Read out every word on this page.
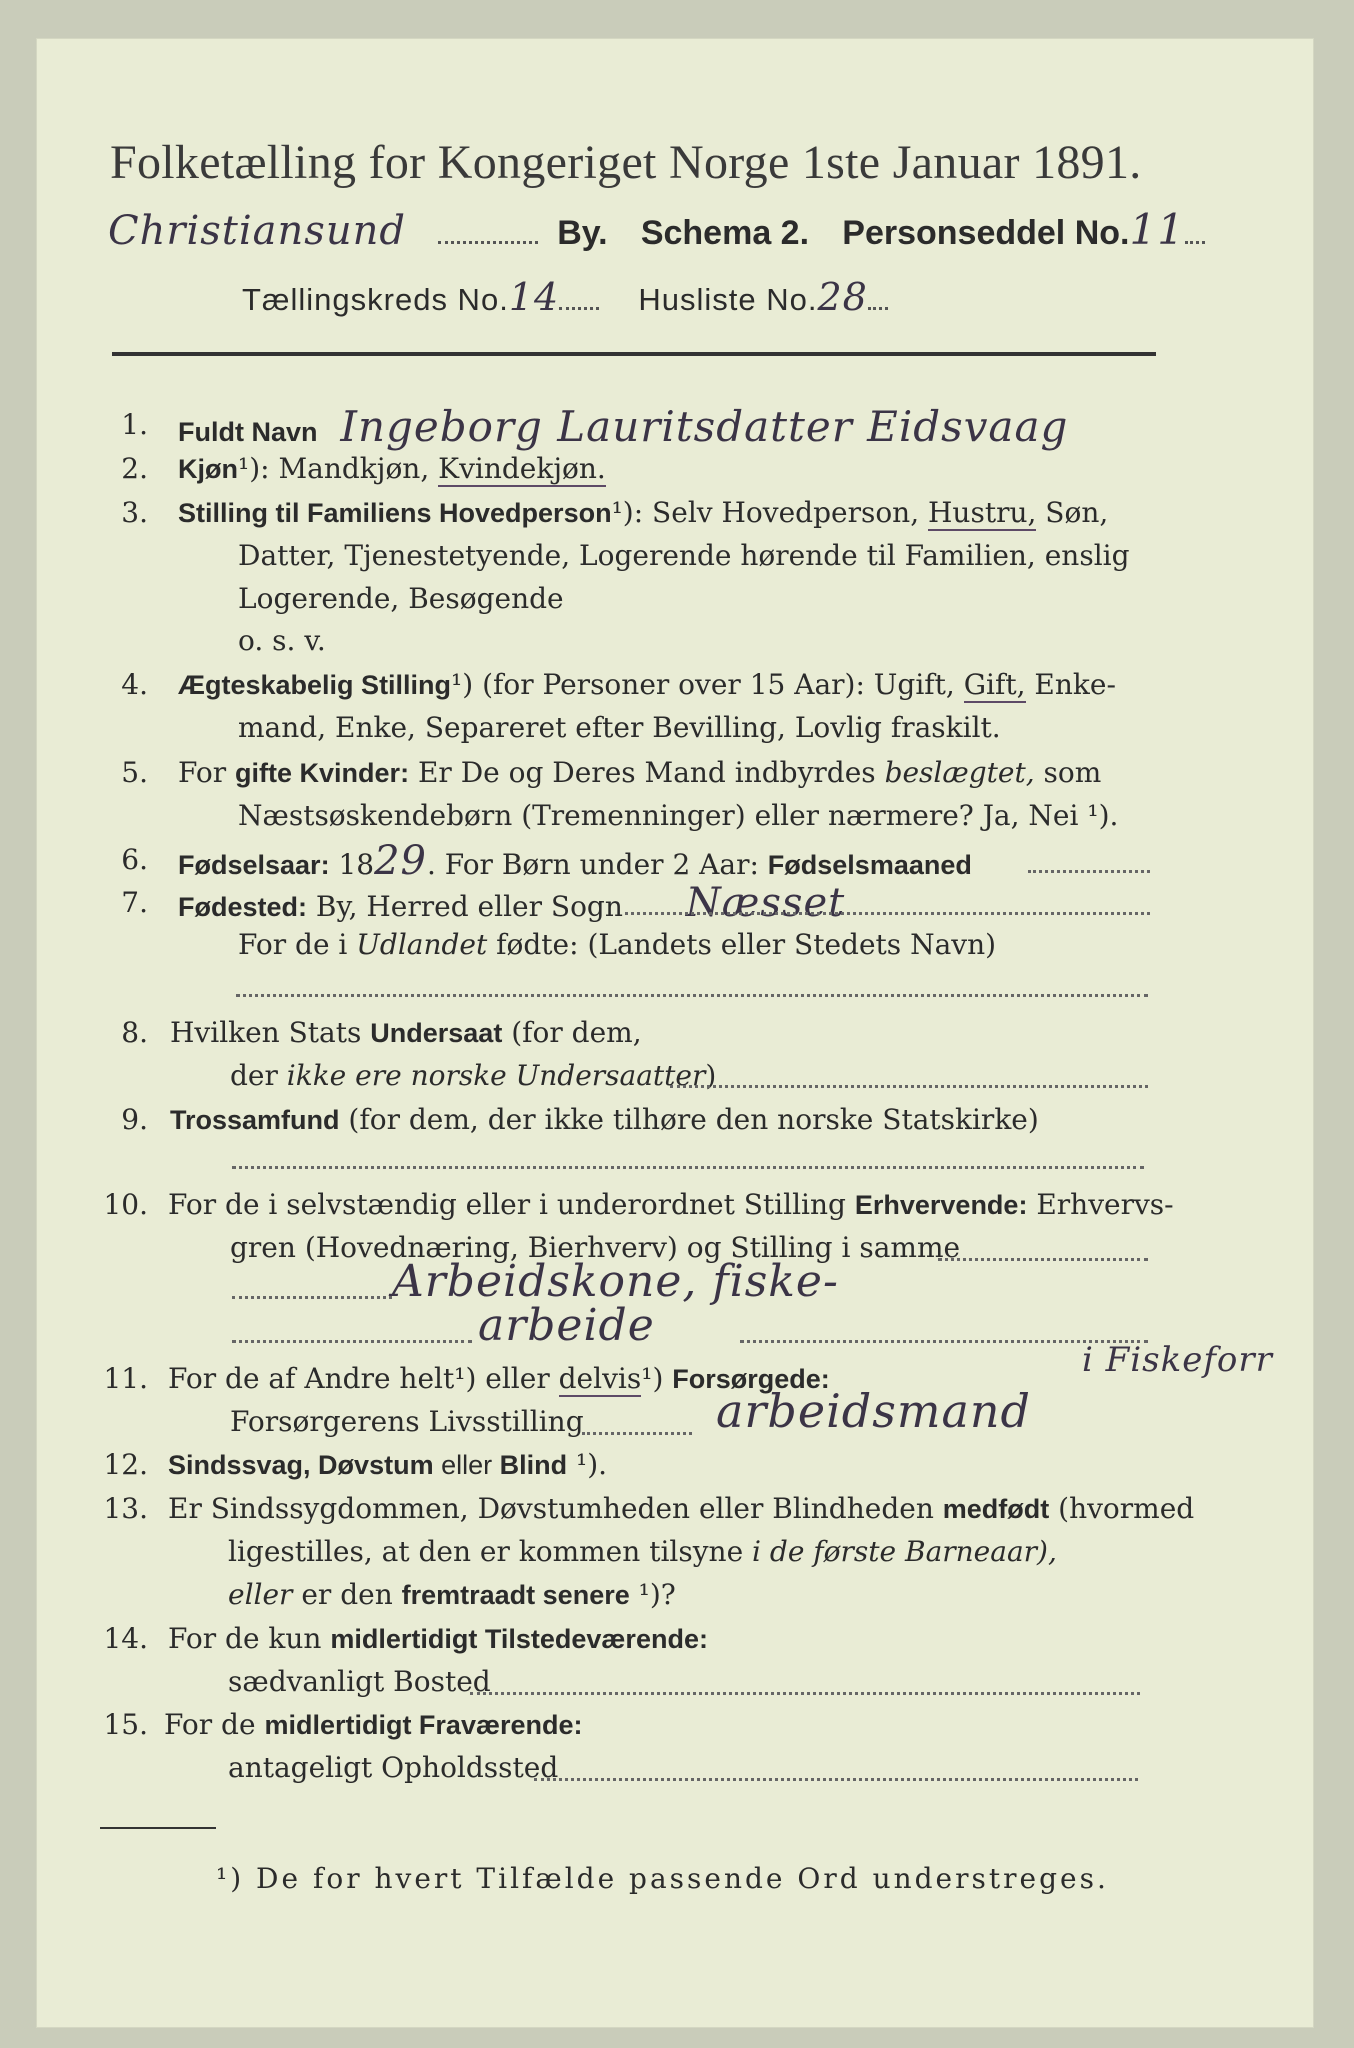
Folketælling for Kongeriget Norge 1ste Januar 1891.
Christiansund	By. Schema 2. Personseddel No.11
Tællingskreds No.14	Husliste No.28
1. Fuldt Navn Ingeborg Lauritsdatter Eidsvaag
2. Kjøn¹): Mandkjøn, Kvindekjøn.
3. Stilling til Familiens Hovedperson¹): Selv Hovedperson, Hustru, Søn,
Datter, Tjenestetyende, Logerende hørende til Familien, enslig
Logerende, Besøgende
o. s. v.
4. Ægteskabelig Stilling¹) (for Personer over 15 Aar): Ugift, Gift, Enke-
mand, Enke, Separeret efter Bevilling, Lovlig fraskilt.
5. For gifte Kvinder: Er De og Deres Mand indbyrdes beslægtet, som
Næstsøskendebørn (Tremenninger) eller nærmere? Ja, Nei ¹).
6. Fødselsaar: 1829. For Børn under 2 Aar: Fødselsmaaned
7. Fødested: By, Herred eller Sogn Næsset
For de i Udlandet fødte: (Landets eller Stedets Navn)
8. Hvilken Stats Undersaat (for dem,
der ikke ere norske Undersaatter)
9. Trossamfund (for dem, der ikke tilhøre den norske Statskirke)
10. For de i selvstændig eller i underordnet Stilling Erhvervende: Erhvervs-
gren (Hovednæring, Bierhverv) og Stilling i samme
Arbeidskone, fiske-
arbeide
11. For de af Andre helt¹) eller delvis¹) Forsørgede:
Forsørgerens Livsstilling	arbeidsmand
i Fiskeforr
12. Sindssvag, Døvstum eller Blind ¹).
13. Er Sindssygdommen, Døvstumheden eller Blindheden medfødt (hvormed
ligestilles, at den er kommen tilsyne i de første Barneaar),
eller er den fremtraadt senere ¹)?
14. For de kun midlertidigt Tilstedeværende:
sædvanligt Bosted
15. For de midlertidigt Fraværende:
antageligt Opholdssted
¹) De for hvert Tilfælde passende Ord understreges.
